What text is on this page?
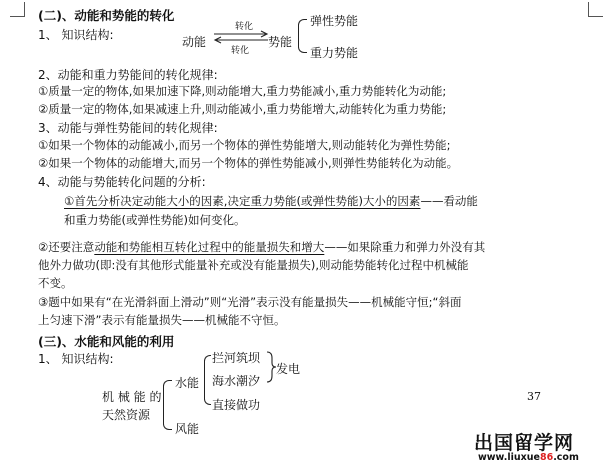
(二)、动能和势能的转化
1、 知识结构:	动能
转化
转化
势能
弹性势能
重力势能
2、动能和重力势能间的转化规律:
①质量一定的物体,如果加速下降,则动能增大,重力势能减小,重力势能转化为动能;
②质量一定的物体,如果减速上升,则动能减小,重力势能增大,动能转化为重力势能;
3、动能与弹性势能间的转化规律:
①如果一个物体的动能减小,而另一个物体的弹性势能增大,则动能转化为弹性势能;
②如果一个物体的动能增大,而另一个物体的弹性势能减小,则弹性势能转化为动能。
4、动能与势能转化问题的分析:
①首先分析决定动能大小的因素,决定重力势能(或弹性势能)大小的因素——看动能
和重力势能(或弹性势能)如何变化。
②还要注意动能和势能相互转化过程中的能量损失和增大——如果除重力和弹力外没有其
他外力做功(即:没有其他形式能量补充或没有能量损失),则动能势能转化过程中机械能
不变。
③题中如果有“在光滑斜面上滑动”则“光滑”表示没有能量损失——机械能守恒;“斜面
上匀速下滑”表示有能量损失——机械能不守恒。
(三)、水能和风能的利用
1、 知识结构:
机 械 能 的
天然资源
水能
风能
拦河筑坝
海水潮汐
直接做功
发电
37
出国留学网
www.liuxue86.com
